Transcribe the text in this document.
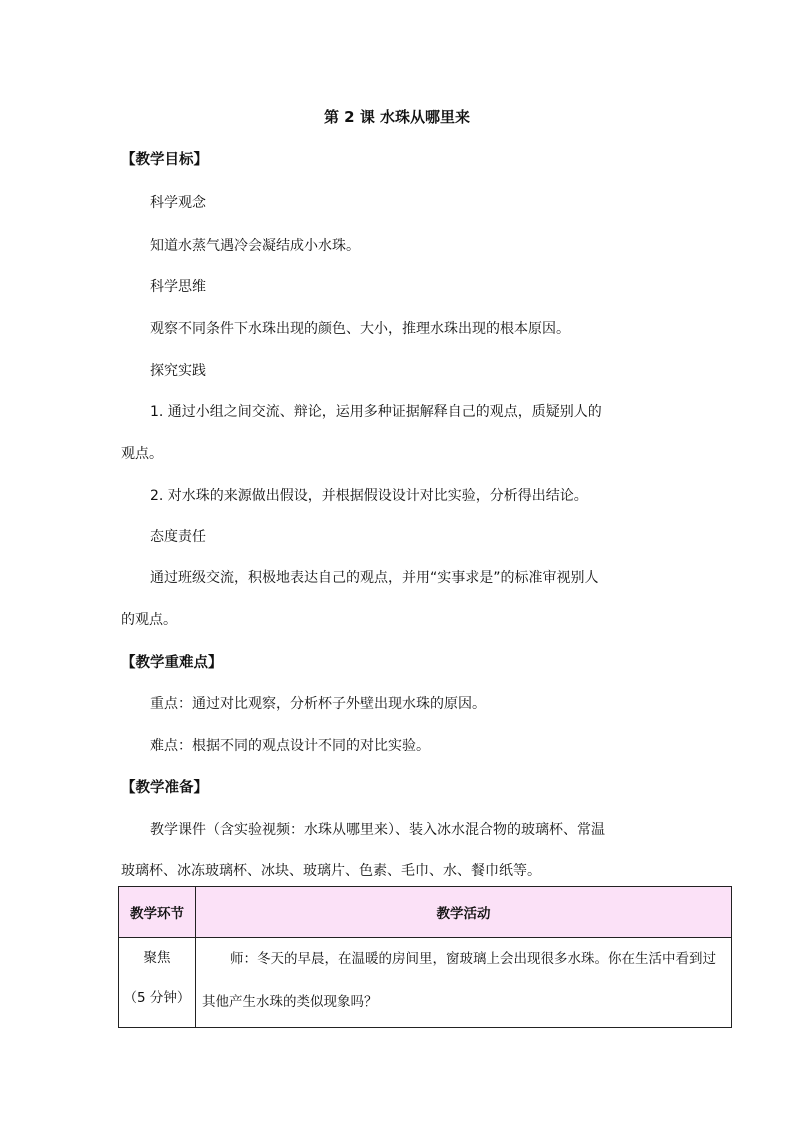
第 2 课 水珠从哪里来
【教学目标】
科学观念
知道水蒸气遇冷会凝结成小水珠。
科学思维
观察不同条件下水珠出现的颜色、大小，推理水珠出现的根本原因。
探究实践
1. 通过小组之间交流、辩论，运用多种证据解释自己的观点，质疑别人的
观点。
2. 对水珠的来源做出假设，并根据假设设计对比实验，分析得出结论。
态度责任
通过班级交流，积极地表达自己的观点，并用“实事求是”的标准审视别人
的观点。
【教学重难点】
重点：通过对比观察，分析杯子外壁出现水珠的原因。
难点：根据不同的观点设计不同的对比实验。
【教学准备】
教学课件（含实验视频：水珠从哪里来）、装入冰水混合物的玻璃杯、常温
玻璃杯、冰冻玻璃杯、冰块、玻璃片、色素、毛巾、水、餐巾纸等。
教学环节	教学活动

聚焦
（5 分钟）	师：冬天的早晨，在温暖的房间里，窗玻璃上会出现很多水珠。你在生活中看到过其他产生水珠的类似现象吗？
